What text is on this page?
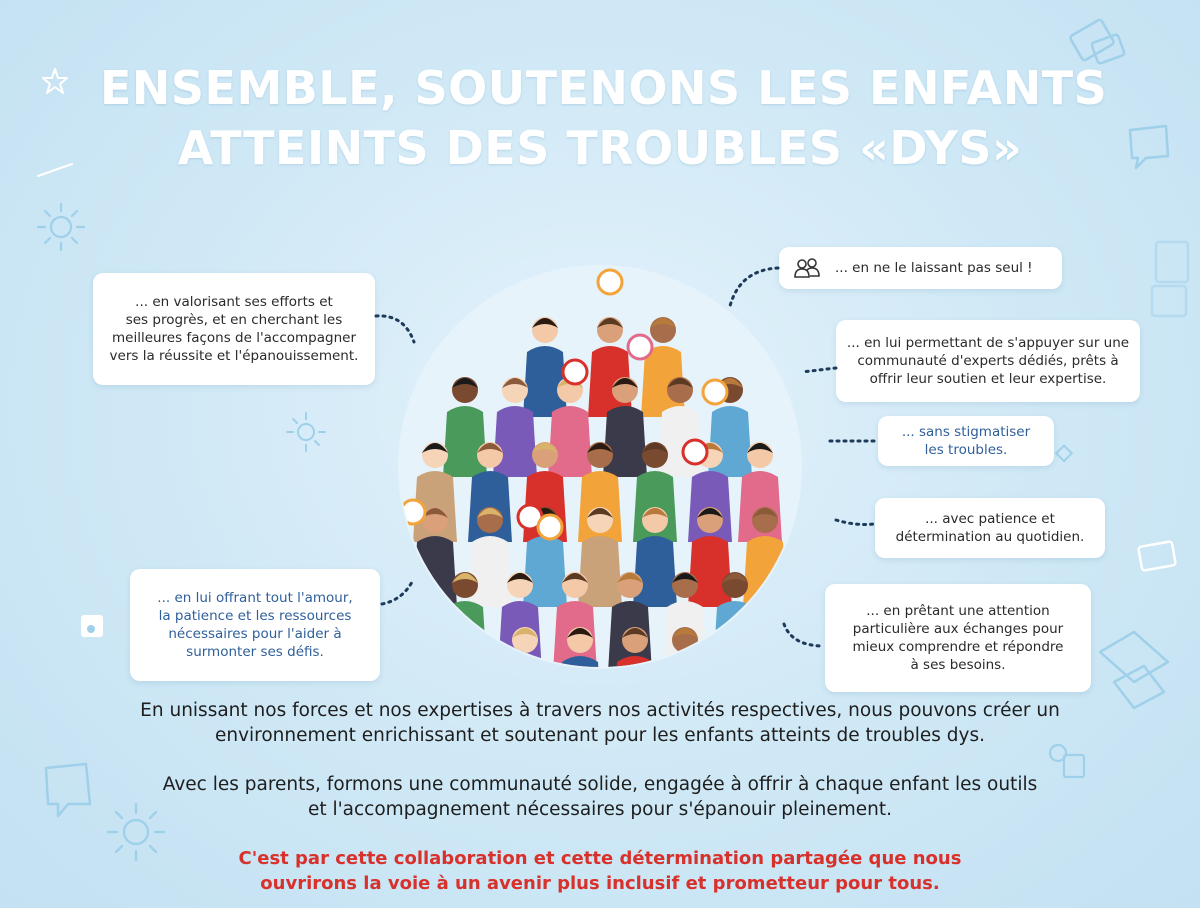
ENSEMBLE, SOUTENONS LES ENFANTS
ATTEINTS DES TROUBLES «DYS»
... en valorisant ses efforts et
ses progrès, et en cherchant les
meilleures façons de l'accompagner
vers la réussite et l'épanouissement.
... en lui offrant tout l'amour,
la patience et les ressources
nécessaires pour l'aider à
surmonter ses défis.
... en ne le laissant pas seul !
... en lui permettant de s'appuyer sur une
communauté d'experts dédiés, prêts à
offrir leur soutien et leur expertise.
... sans stigmatiser
les troubles.
... avec patience et
détermination au quotidien.
... en prêtant une attention
particulière aux échanges pour
mieux comprendre et répondre
à ses besoins.
En unissant nos forces et nos expertises à travers nos activités respectives, nous pouvons créer un
environnement enrichissant et soutenant pour les enfants atteints de troubles dys.
Avec les parents, formons une communauté solide, engagée à offrir à chaque enfant les outils
et l'accompagnement nécessaires pour s'épanouir pleinement.
C'est par cette collaboration et cette détermination partagée que nous
ouvrirons la voie à un avenir plus inclusif et prometteur pour tous.
